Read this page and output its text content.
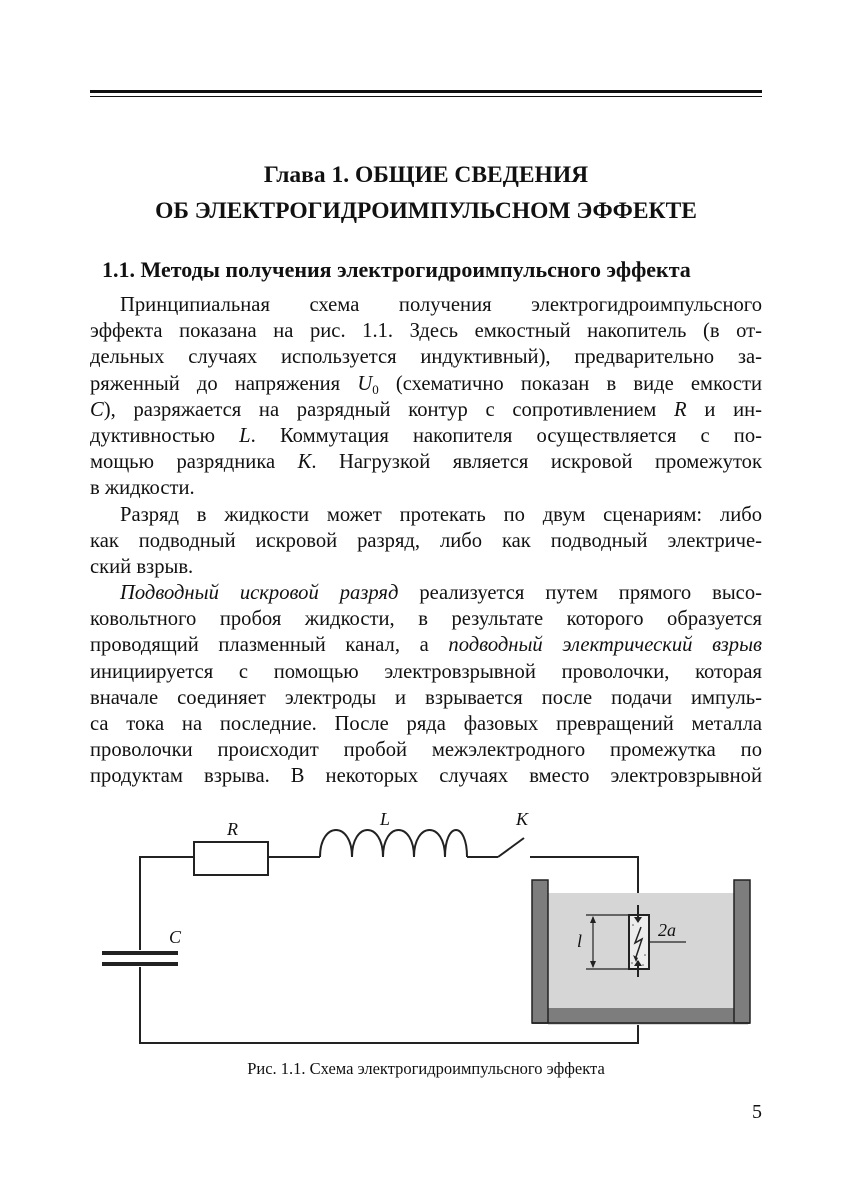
Глава 1. ОБЩИЕ СВЕДЕНИЯ
ОБ ЭЛЕКТРОГИДРОИМПУЛЬСНОМ ЭФФЕКТЕ
1.1. Методы получения электрогидроимпульсного эффекта
Принципиальная схема получения электрогидроимпульсного
эффекта показана на рис. 1.1. Здесь емкостный накопитель (в от-
дельных случаях используется индуктивный), предварительно за-
ряженный до напряжения $U_0$ (схематично показан в виде емкости
C), разряжается на разрядный контур с сопротивлением R и ин-
дуктивностью L. Коммутация накопителя осуществляется с по-
мощью разрядника K. Нагрузкой является искровой промежуток
в жидкости.
Разряд в жидкости может протекать по двум сценариям: либо
как подводный искровой разряд, либо как подводный электриче-
ский взрыв.
Подводный искровой разряд реализуется путем прямого высо-
ковольтного пробоя жидкости, в результате которого образуется
проводящий плазменный канал, а подводный электрический взрыв
инициируется с помощью электровзрывной проволочки, которая
вначале соединяет электроды и взрывается после подачи импуль-
са тока на последние. После ряда фазовых превращений металла
проволочки происходит пробой межэлектродного промежутка по
продуктам взрыва. В некоторых случаях вместо электровзрывной
R	L	K
C	l
2a
Рис. 1.1. Схема электрогидроимпульсного эффекта
5
